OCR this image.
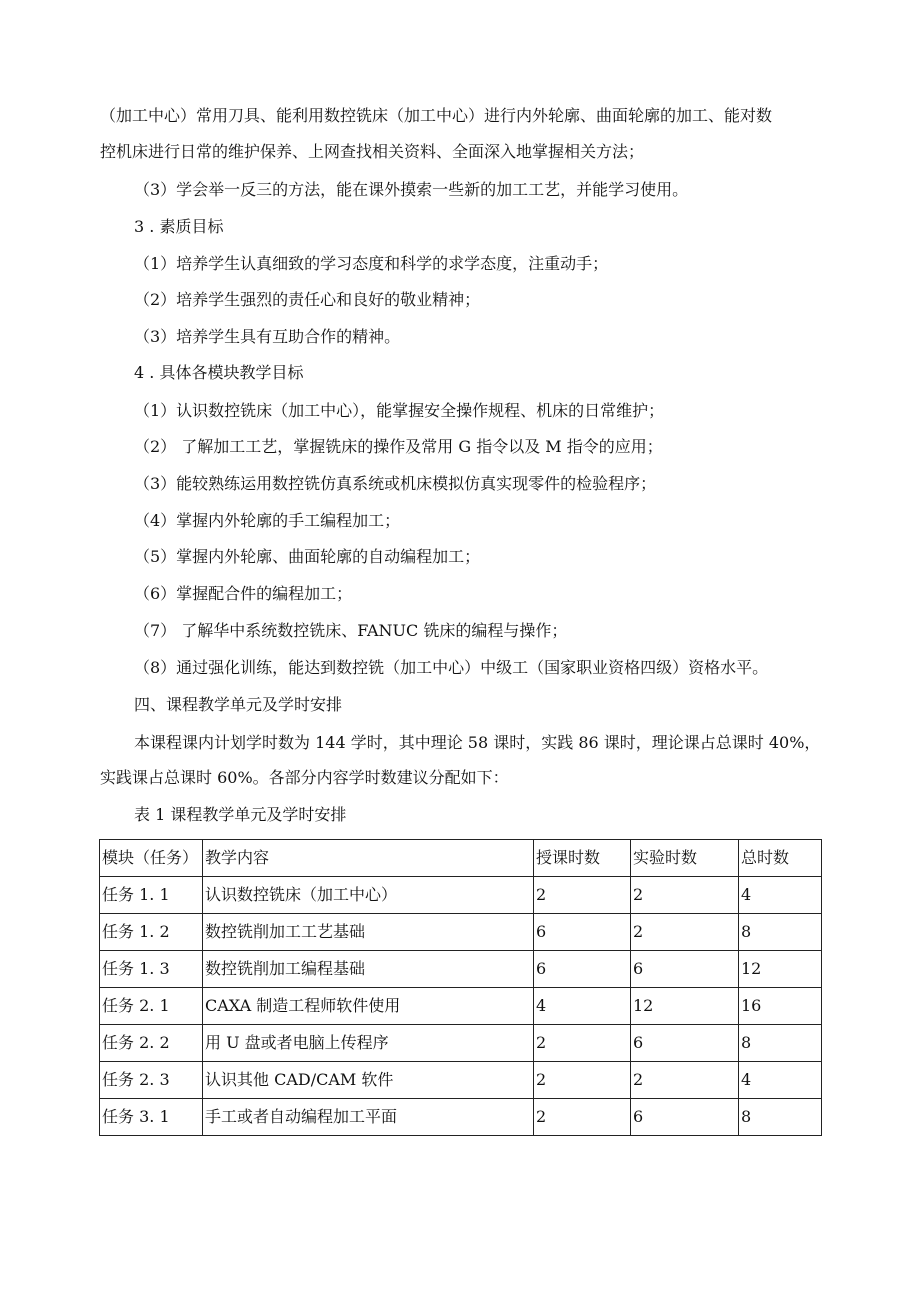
（加工中心）常用刀具、能利用数控铣床（加工中心）进行内外轮廓、曲面轮廓的加工、能对数
控机床进行日常的维护保养、上网查找相关资料、全面深入地掌握相关方法；
（3）学会举一反三的方法，能在课外摸索一些新的加工工艺，并能学习使用。
3 . 素质目标
（1）培养学生认真细致的学习态度和科学的求学态度，注重动手；
（2）培养学生强烈的责任心和良好的敬业精神；
（3）培养学生具有互助合作的精神。
4 . 具体各模块教学目标
（1）认识数控铣床（加工中心），能掌握安全操作规程、机床的日常维护；
（2） 了解加工工艺，掌握铣床的操作及常用 G 指令以及 M 指令的应用；
（3）能较熟练运用数控铣仿真系统或机床模拟仿真实现零件的检验程序；
（4）掌握内外轮廓的手工编程加工；
（5）掌握内外轮廓、曲面轮廓的自动编程加工；
（6）掌握配合件的编程加工；
（7） 了解华中系统数控铣床、FANUC 铣床的编程与操作；
（8）通过强化训练，能达到数控铣（加工中心）中级工（国家职业资格四级）资格水平。
四、课程教学单元及学时安排
本课程课内计划学时数为 144 学时，其中理论 58 课时，实践 86 课时，理论课占总课时 40%，
实践课占总课时 60%。各部分内容学时数建议分配如下：
表 1 课程教学单元及学时安排
模块（任务）	教学内容	授课时数	实验时数	总时数
任务 1. 1	认识数控铣床（加工中心）	2	2	4
任务 1. 2	数控铣削加工工艺基础	6	2	8
任务 1. 3	数控铣削加工编程基础	6	6	12
任务 2. 1	CAXA 制造工程师软件使用	4	12	16
任务 2. 2	用 U 盘或者电脑上传程序	2	6	8
任务 2. 3	认识其他 CAD/CAM 软件	2	2	4
任务 3. 1	手工或者自动编程加工平面	2	6	8
